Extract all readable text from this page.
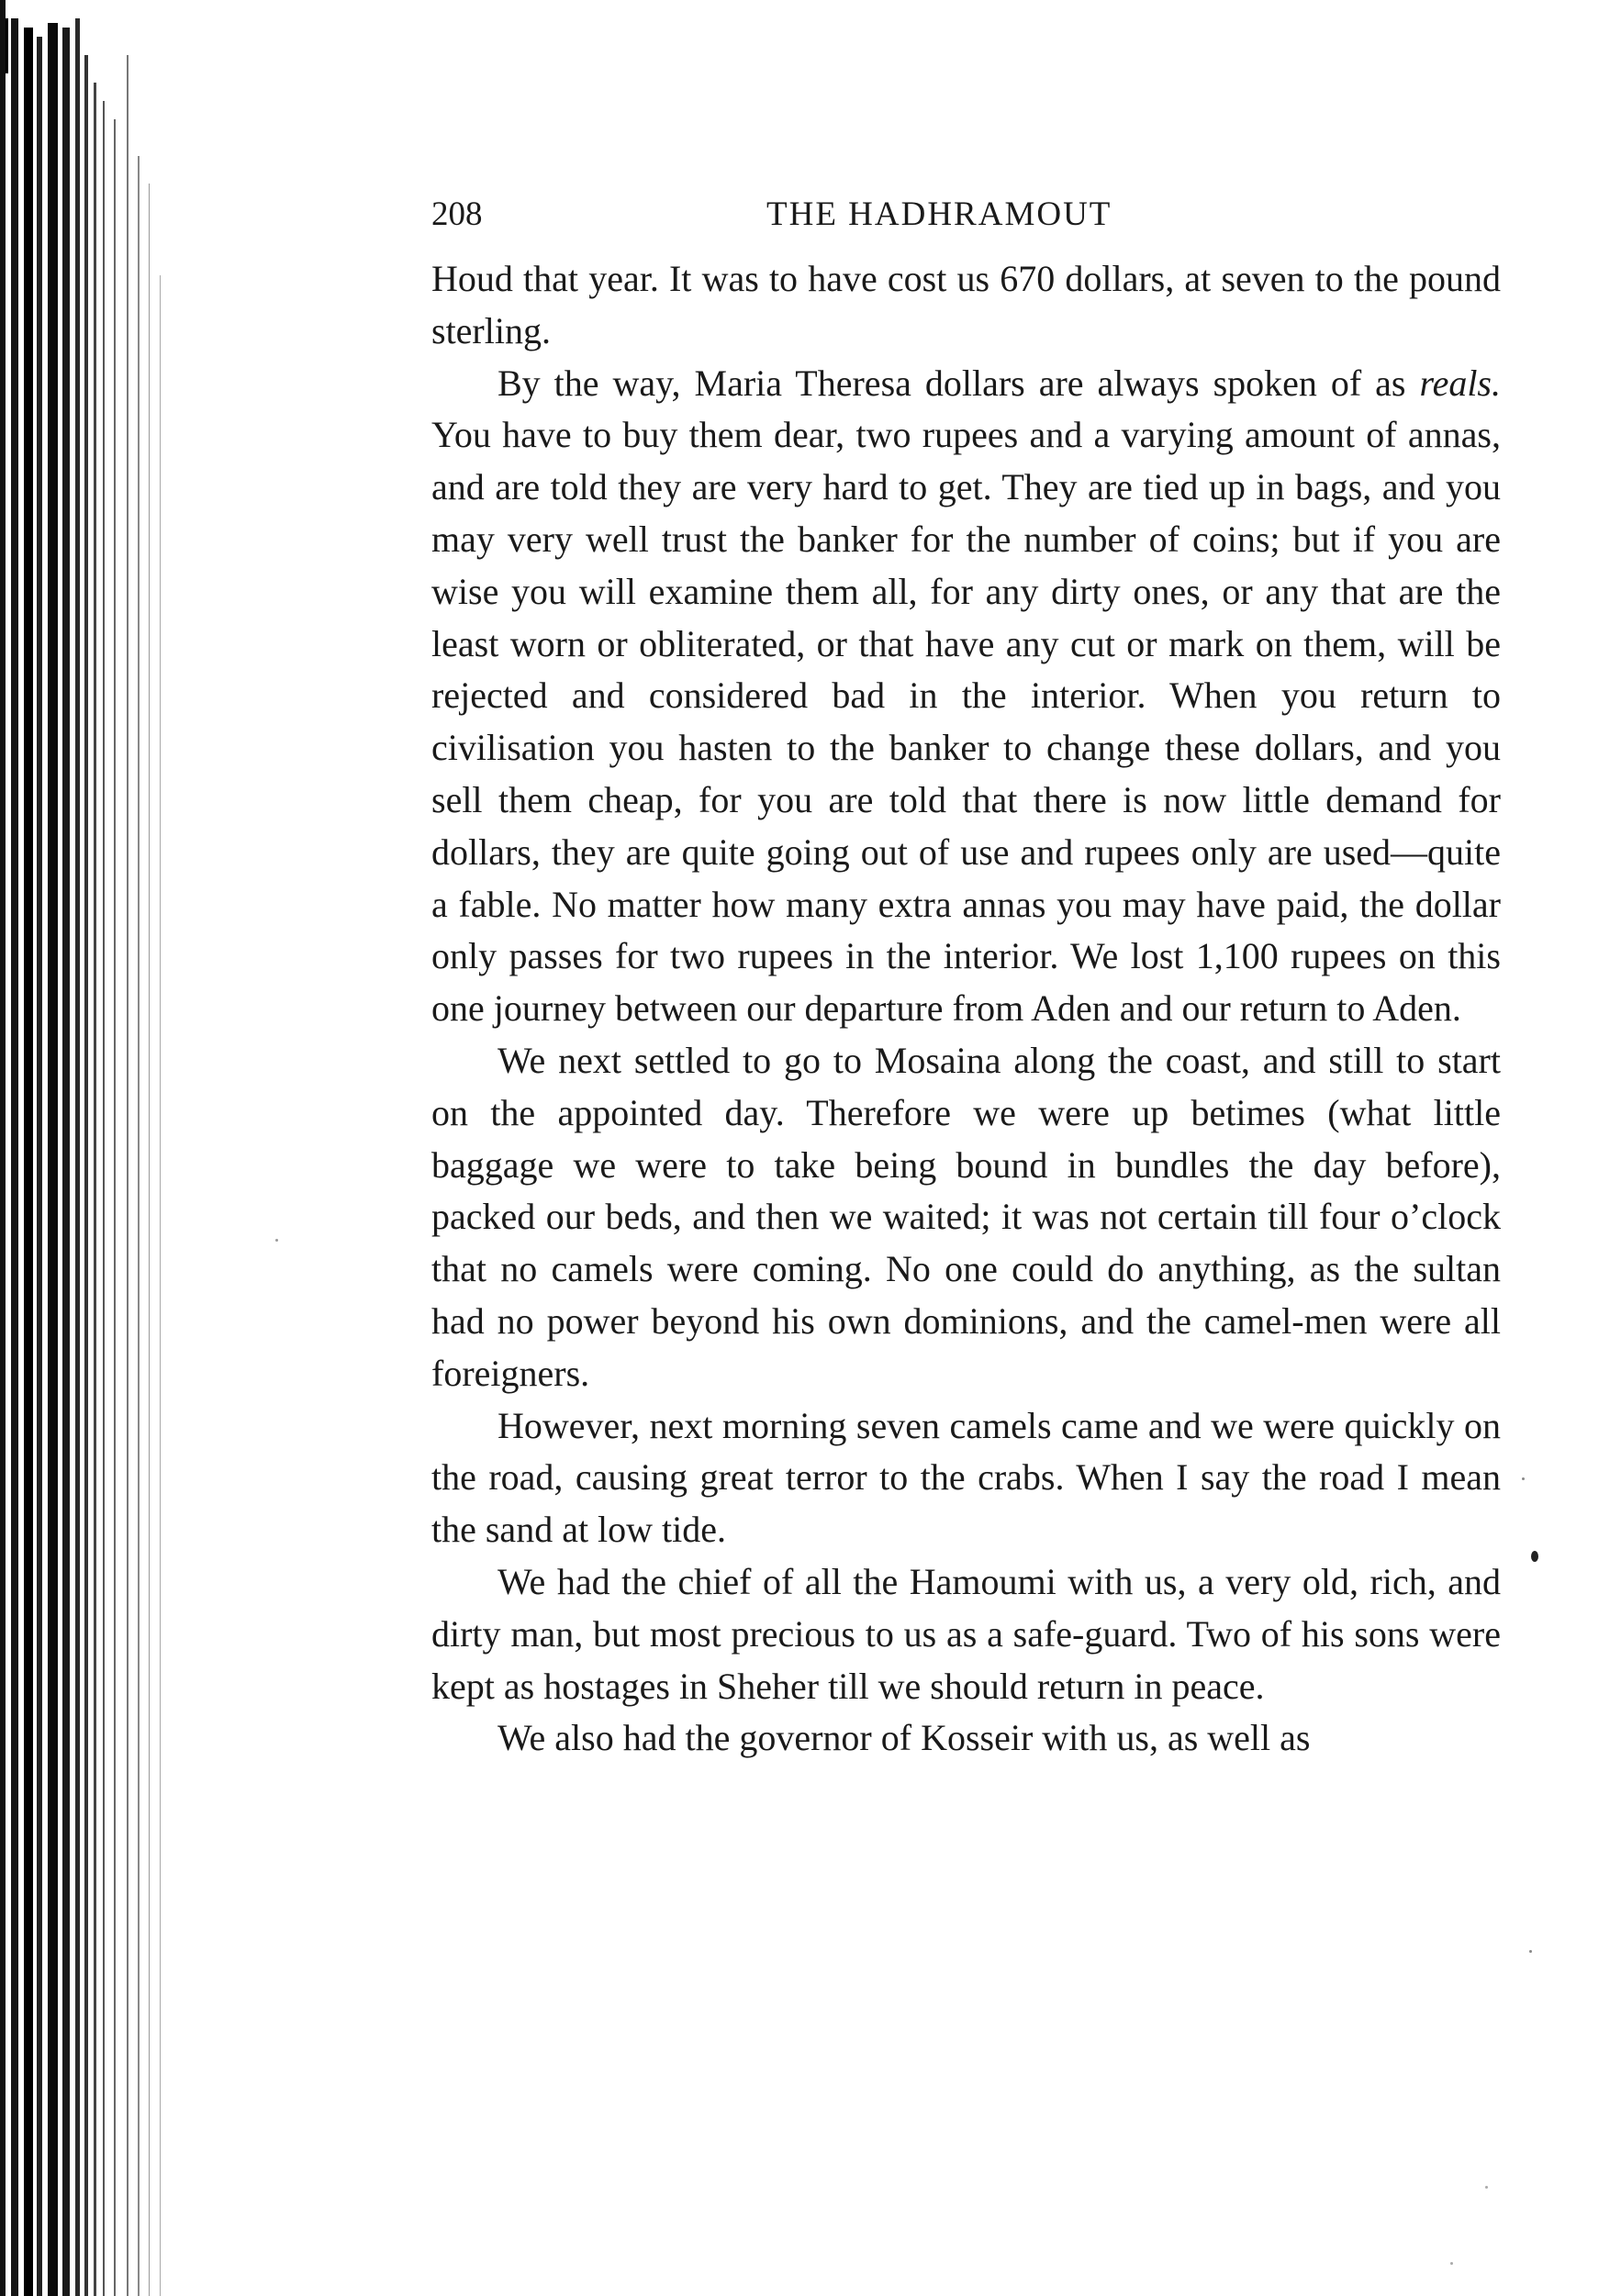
208	THE HADHRAMOUT

Houd that year. It was to have cost us 670 dollars, at seven to the pound sterling.

By the way, Maria Theresa dollars are always spoken of as reals. You have to buy them dear, two rupees and a varying amount of annas, and are told they are very hard to get. They are tied up in bags, and you may very well trust the banker for the number of coins; but if you are wise you will examine them all, for any dirty ones, or any that are the least worn or obliterated, or that have any cut or mark on them, will be rejected and considered bad in the interior. When you return to civilisation you hasten to the banker to change these dollars, and you sell them cheap, for you are told that there is now little demand for dollars, they are quite going out of use and rupees only are used—quite a fable. No matter how many extra annas you may have paid, the dollar only passes for two rupees in the interior. We lost 1,100 rupees on this one journey between our departure from Aden and our return to Aden.

We next settled to go to Mosaina along the coast, and still to start on the appointed day. Therefore we were up betimes (what little baggage we were to take being bound in bundles the day before), packed our beds, and then we waited; it was not certain till four o’clock that no camels were coming. No one could do anything, as the sultan had no power beyond his own dominions, and the camel-men were all foreigners.

However, next morning seven camels came and we were quickly on the road, causing great terror to the crabs. When I say the road I mean the sand at low tide.

We had the chief of all the Hamoumi with us, a very old, rich, and dirty man, but most precious to us as a safe-guard. Two of his sons were kept as hostages in Sheher till we should return in peace.

We also had the governor of Kosseir with us, as well as
